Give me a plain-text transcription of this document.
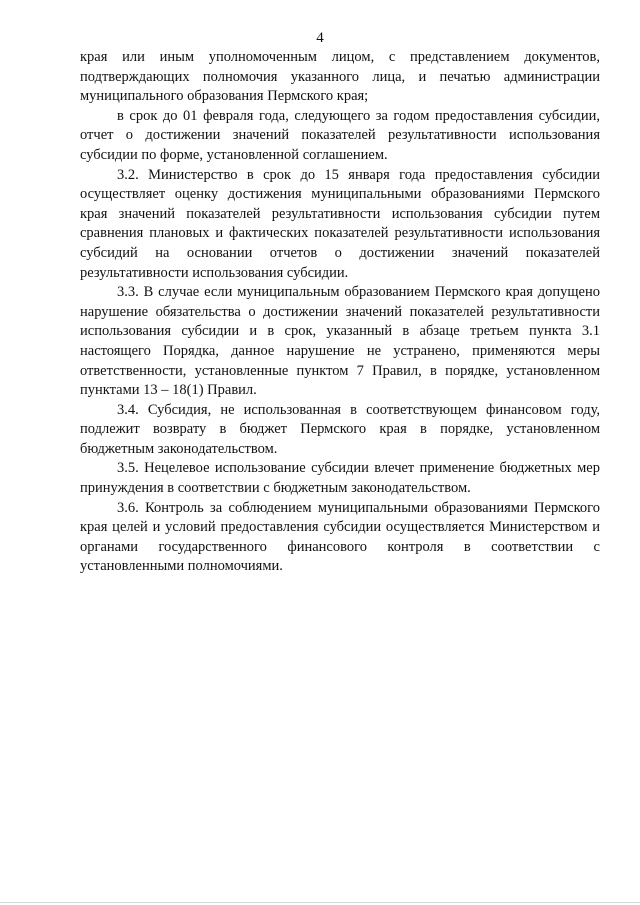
4

края или иным уполномоченным лицом, с представлением документов, подтверждающих полномочия указанного лица, и печатью администрации муниципального образования Пермского края;

в срок до 01 февраля года, следующего за годом предоставления субсидии, отчет о достижении значений показателей результативности использования субсидии по форме, установленной соглашением.

3.2. Министерство в срок до 15 января года предоставления субсидии осуществляет оценку достижения муниципальными образованиями Пермского края значений показателей результативности использования субсидии путем сравнения плановых и фактических показателей результативности использования субсидий на основании отчетов о достижении значений показателей результативности использования субсидии.

3.3. В случае если муниципальным образованием Пермского края допущено нарушение обязательства о достижении значений показателей результативности использования субсидии и в срок, указанный в абзаце третьем пункта 3.1 настоящего Порядка, данное нарушение не устранено, применяются меры ответственности, установленные пунктом 7 Правил, в порядке, установленном пунктами 13 – 18(1) Правил.

3.4. Субсидия, не использованная в соответствующем финансовом году, подлежит возврату в бюджет Пермского края в порядке, установленном бюджетным законодательством.

3.5. Нецелевое использование субсидии влечет применение бюджетных мер принуждения в соответствии с бюджетным законодательством.

3.6. Контроль за соблюдением муниципальными образованиями Пермского края целей и условий предоставления субсидии осуществляется Министерством и органами государственного финансового контроля в соответствии с установленными полномочиями.
